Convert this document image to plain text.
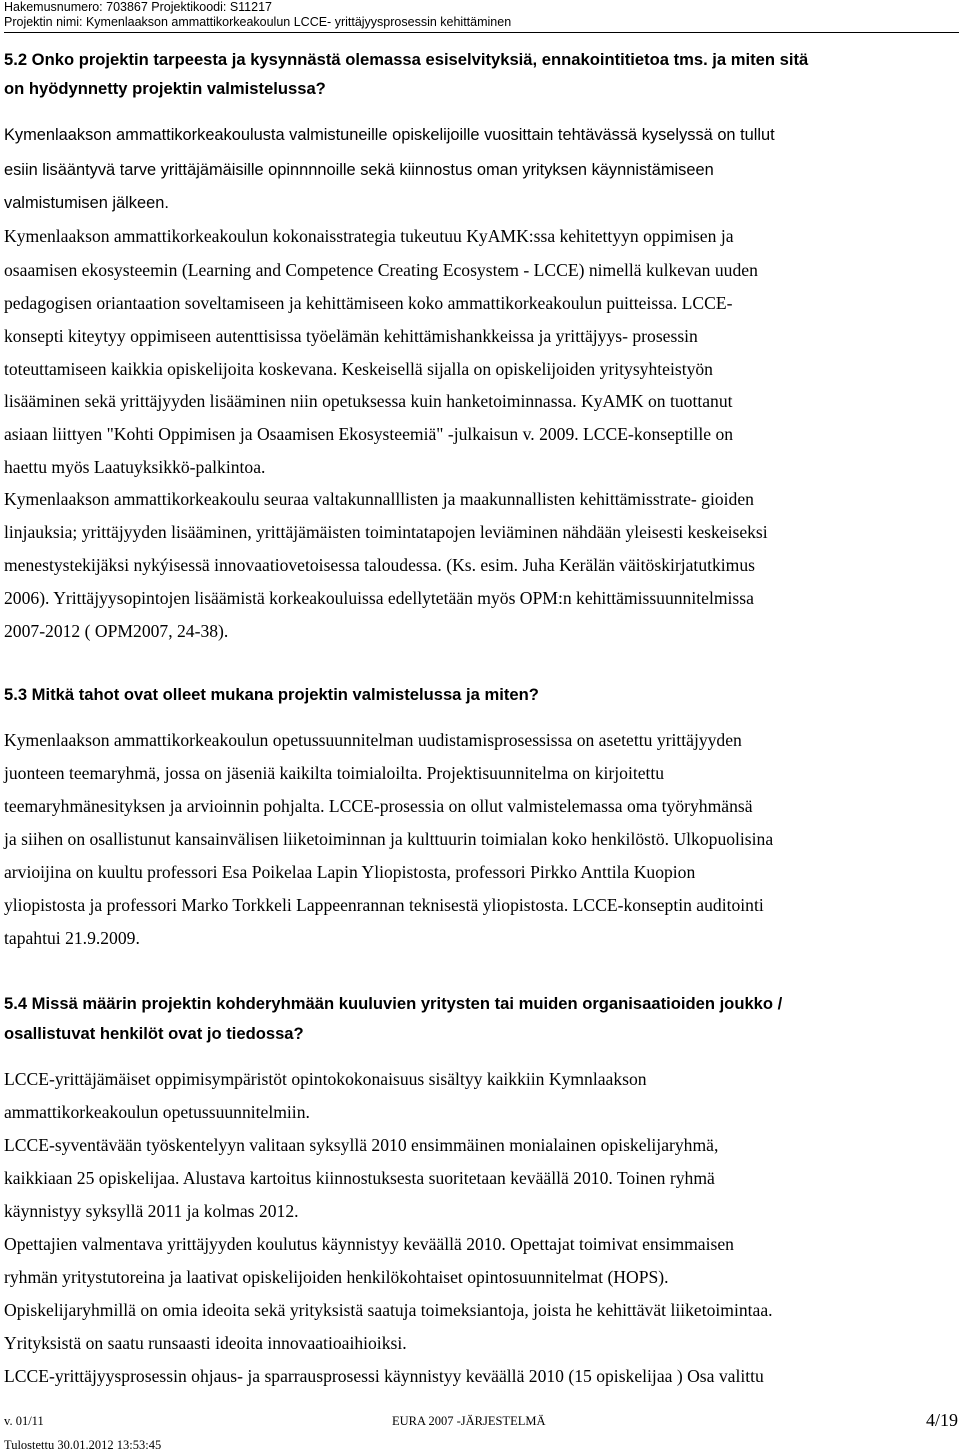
Hakemusnumero: 703867 Projektikoodi: S11217
Projektin nimi: Kymenlaakson ammattikorkeakoulun LCCE- yrittäjyysprosessin kehittäminen
5.2 Onko projektin tarpeesta ja kysynnästä olemassa esiselvityksiä, ennakointitietoa tms. ja miten sitä
on hyödynnetty projektin valmistelussa?
Kymenlaakson ammattikorkeakoulusta valmistuneille opiskelijoille vuosittain tehtävässä kyselyssä on tullut
esiin lisääntyvä tarve yrittäjämäisille opinnnnoille sekä kiinnostus oman yrityksen käynnistämiseen
valmistumisen jälkeen.
Kymenlaakson ammattikorkeakoulun kokonaisstrategia tukeutuu KyAMK:ssa kehitettyyn oppimisen ja
osaamisen ekosysteemin (Learning and Competence Creating Ecosystem - LCCE) nimellä kulkevan uuden
pedagogisen oriantaation soveltamiseen ja kehittämiseen koko ammattikorkeakoulun puitteissa. LCCE-
konsepti kiteytyy oppimiseen autenttisissa työelämän kehittämishankkeissa ja yrittäjyys- prosessin
toteuttamiseen kaikkia opiskelijoita koskevana. Keskeisellä sijalla on opiskelijoiden yritysyhteistyön
lisääminen sekä yrittäjyyden lisääminen niin opetuksessa kuin hanketoiminnassa. KyAMK on tuottanut
asiaan liittyen "Kohti Oppimisen ja Osaamisen Ekosysteemiä" -julkaisun v. 2009. LCCE-konseptille on
haettu myös Laatuyksikkö-palkintoa.
Kymenlaakson ammattikorkeakoulu seuraa valtakunnalllisten ja maakunnallisten kehittämisstrate- gioiden
linjauksia; yrittäjyyden lisääminen, yrittäjämäisten toimintatapojen leviäminen nähdään yleisesti keskeiseksi
menestystekijäksi nykýisessä innovaatiovetoisessa taloudessa. (Ks. esim. Juha Kerälän väitöskirjatutkimus
2006). Yrittäjyysopintojen lisäämistä korkeakouluissa edellytetään myös OPM:n kehittämissuunnitelmissa
2007-2012 ( OPM2007, 24-38).
5.3 Mitkä tahot ovat olleet mukana projektin valmistelussa ja miten?
Kymenlaakson ammattikorkeakoulun opetussuunnitelman uudistamisprosessissa on asetettu yrittäjyyden
juonteen teemaryhmä, jossa on jäseniä kaikilta toimialoilta. Projektisuunnitelma on kirjoitettu
teemaryhmänesityksen ja arvioinnin pohjalta. LCCE-prosessia on ollut valmistelemassa oma työryhmänsä
ja siihen on osallistunut kansainvälisen liiketoiminnan ja kulttuurin toimialan koko henkilöstö. Ulkopuolisina
arvioijina on kuultu professori Esa Poikelaa Lapin Yliopistosta, professori Pirkko Anttila Kuopion
yliopistosta ja professori Marko Torkkeli Lappeenrannan teknisestä yliopistosta. LCCE-konseptin auditointi
tapahtui 21.9.2009.
5.4 Missä määrin projektin kohderyhmään kuuluvien yritysten tai muiden organisaatioiden joukko /
osallistuvat henkilöt ovat jo tiedossa?
LCCE-yrittäjämäiset oppimisympäristöt opintokokonaisuus sisältyy kaikkiin Kymnlaakson
ammattikorkeakoulun opetussuunnitelmiin.
LCCE-syventävään työskentelyyn valitaan syksyllä 2010 ensimmäinen monialainen opiskelijaryhmä,
kaikkiaan 25 opiskelijaa. Alustava kartoitus kiinnostuksesta suoritetaan keväällä 2010. Toinen ryhmä
käynnistyy syksyllä 2011 ja kolmas 2012.
Opettajien valmentava yrittäjyyden koulutus käynnistyy keväällä 2010. Opettajat toimivat ensimmaisen
ryhmän yritystutoreina ja laativat opiskelijoiden henkilökohtaiset opintosuunnitelmat (HOPS).
Opiskelijaryhmillä on omia ideoita sekä yrityksistä saatuja toimeksiantoja, joista he kehittävät liiketoimintaa.
Yrityksistä on saatu runsaasti ideoita innovaatioaihioiksi.
LCCE-yrittäjyysprosessin ohjaus- ja sparrausprosessi käynnistyy keväällä 2010 (15 opiskelijaa ) Osa valittu
v. 01/11	EURA 2007 -JÄRJESTELMÄ	4/19
Tulostettu 30.01.2012 13:53:45
